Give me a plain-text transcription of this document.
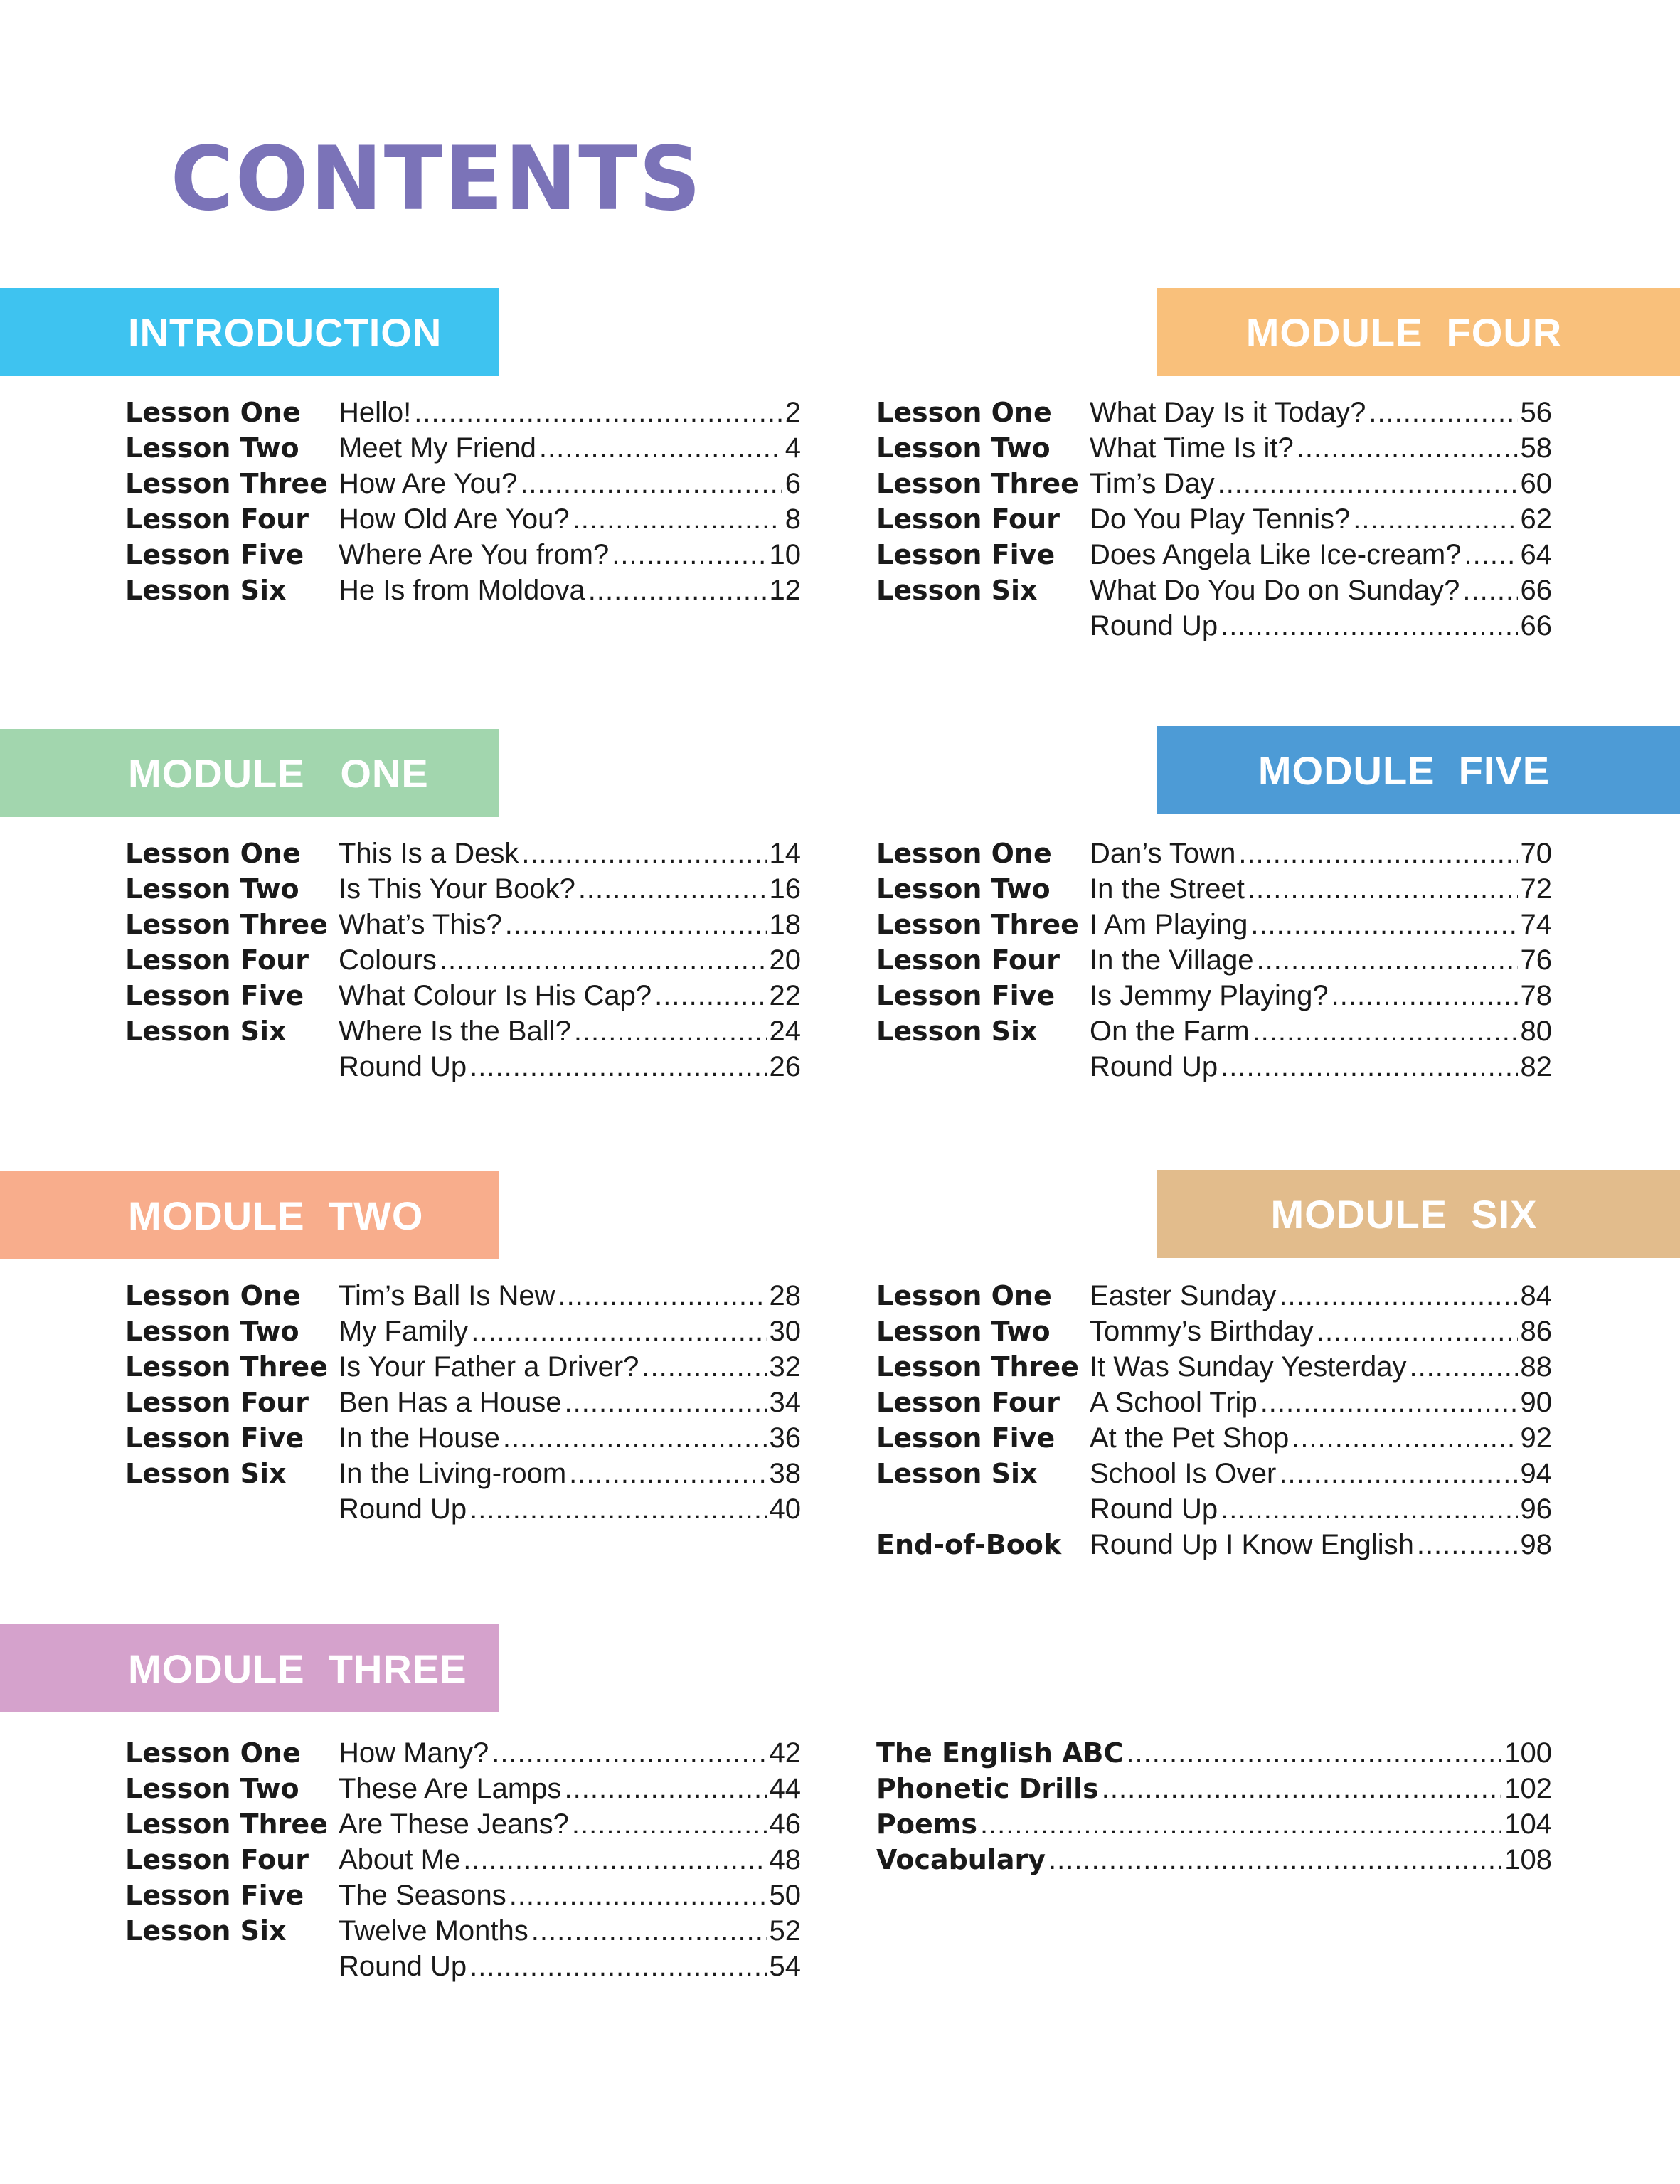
CONTENTS
INTRODUCTION
Lesson One	Hello! .....	2
Lesson Two	Meet My Friend .....	4
Lesson Three How Are You? .....	6
Lesson Four	How Old Are You? .....	8
Lesson Five	Where Are You from? .....	10
Lesson Six	He Is from Moldova .....	12
MODULE   ONE
Lesson One	This Is a Desk .....	14
Lesson Two	Is This Your Book? .....	16
Lesson Three What’s This? .....	18
Lesson Four	Colours .....	20
Lesson Five	What Colour Is His Cap? .....	22
Lesson Six	Where Is the Ball? .....	24
Round Up .....	26
MODULE  TWO
Lesson One	Tim’s Ball Is New .....	28
Lesson Two	My Family .....	30
Lesson Three Is Your Father a Driver? .....	32
Lesson Four	Ben Has a House .....	34
Lesson Five	In the House .....	36
Lesson Six	In the Living-room .....	38
Round Up .....	40
MODULE  THREE
Lesson One	How Many? .....	42
Lesson Two	These Are Lamps .....	44
Lesson Three Are These Jeans? .....	46
Lesson Four	About Me .....	48
Lesson Five	The Seasons .....	50
Lesson Six	Twelve Months .....	52
Round Up .....	54
MODULE  FOUR
Lesson One	What Day Is it Today? .....	56
Lesson Two	What Time Is it? .....	58
Lesson Three Tim’s Day .....	60
Lesson Four	Do You Play Tennis? .....	62
Lesson Five	Does Angela Like Ice-cream? ..... 64
Lesson Six	What Do You Do on Sunday? ..... 66
Round Up .....	66
MODULE  FIVE
Lesson One	Dan’s Town .....	70
Lesson Two	In the Street .....	72
Lesson Three I Am Playing .....	74
Lesson Four	In the Village .....	76
Lesson Five	Is Jemmy Playing? .....	78
Lesson Six	On the Farm .....	80
Round Up .....	82
MODULE  SIX
Lesson One	Easter Sunday .....	84
Lesson Two	Tommy’s Birthday .....	86
Lesson Three It Was Sunday Yesterday .....	88
Lesson Four	A School Trip .....	90
Lesson Five	At the Pet Shop .....	92
Lesson Six	School Is Over .....	94
Round Up .....	96
End-of-Book Round Up I Know English .....	98
The English ABC .....	100
Phonetic Drills .....	102
Poems .....	104
Vocabulary .....	108
